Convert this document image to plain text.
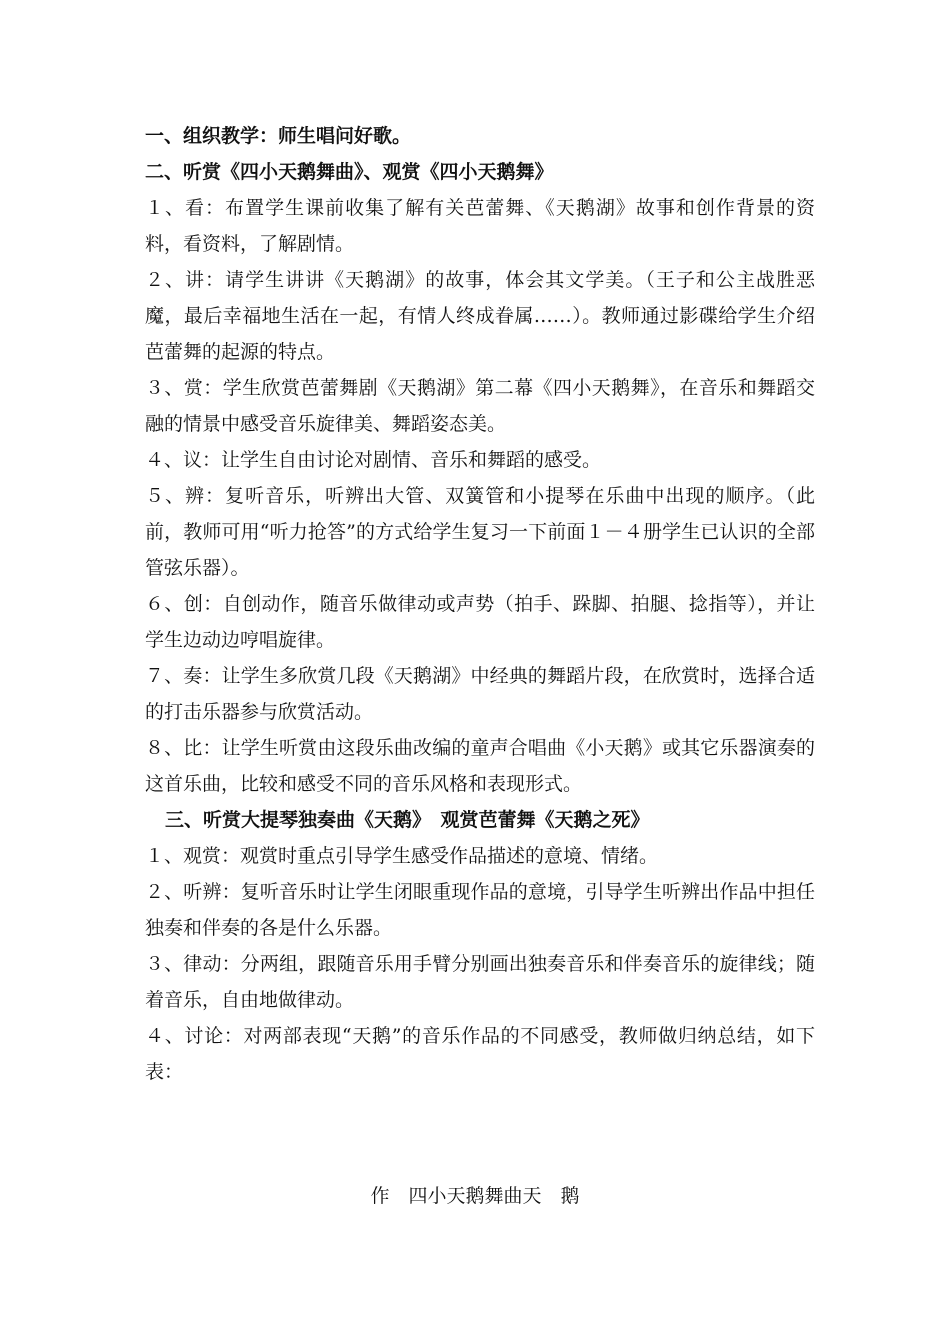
一、组织教学：师生唱问好歌。
二、听赏《四小天鹅舞曲》、观赏《四小天鹅舞》

１、看：布置学生课前收集了解有关芭蕾舞、《天鹅湖》故事和创作背景的资料，看资料，了解剧情。

２、讲：请学生讲讲《天鹅湖》的故事，体会其文学美。（王子和公主战胜恶魔，最后幸福地生活在一起，有情人终成眷属……）。教师通过影碟给学生介绍芭蕾舞的起源的特点。

３、赏：学生欣赏芭蕾舞剧《天鹅湖》第二幕《四小天鹅舞》，在音乐和舞蹈交融的情景中感受音乐旋律美、舞蹈姿态美。

４、议：让学生自由讨论对剧情、音乐和舞蹈的感受。

５、辨：复听音乐，听辨出大管、双簧管和小提琴在乐曲中出现的顺序。（此前，教师可用“听力抢答”的方式给学生复习一下前面１－４册学生已认识的全部管弦乐器）。

６、创：自创动作，随音乐做律动或声势（拍手、跺脚、拍腿、捻指等），并让学生边动边哼唱旋律。

７、奏：让学生多欣赏几段《天鹅湖》中经典的舞蹈片段，在欣赏时，选择合适的打击乐器参与欣赏活动。

８、比：让学生听赏由这段乐曲改编的童声合唱曲《小天鹅》或其它乐器演奏的这首乐曲，比较和感受不同的音乐风格和表现形式。

三、听赏大提琴独奏曲《天鹅》　观赏芭蕾舞《天鹅之死》

１、观赏：观赏时重点引导学生感受作品描述的意境、情绪。

２、听辨：复听音乐时让学生闭眼重现作品的意境，引导学生听辨出作品中担任独奏和伴奏的各是什么乐器。

３、律动：分两组，跟随音乐用手臂分别画出独奏音乐和伴奏音乐的旋律线；随着音乐，自由地做律动。

４、讨论：对两部表现“天鹅”的音乐作品的不同感受，教师做归纳总结，如下表：

作　四小天鹅舞曲天　鹅
